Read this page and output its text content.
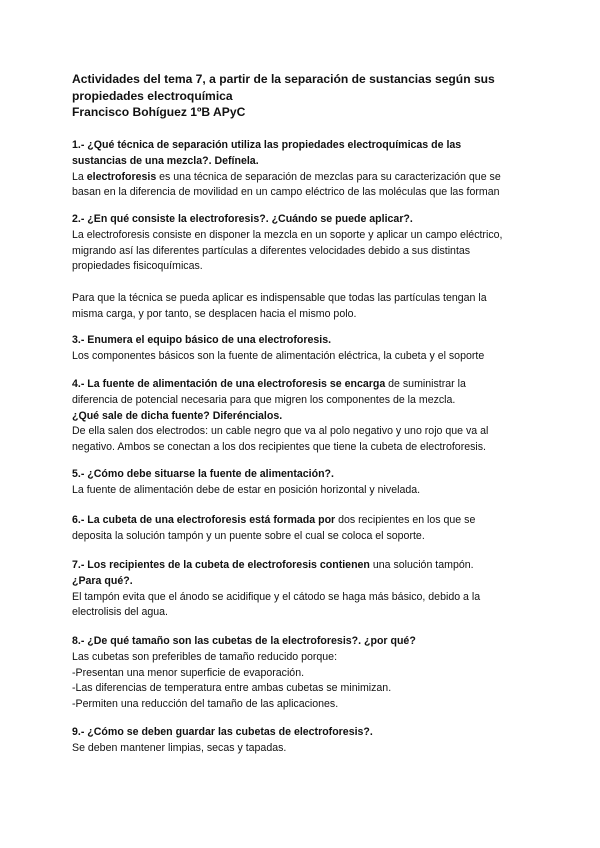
Actividades del tema 7, a partir de la separación de sustancias según sus
propiedades electroquímica
Francisco Bohíguez 1ºB APyC
1.- ¿Qué técnica de separación utiliza las propiedades electroquímicas de las
sustancias de una mezcla?. Defínela.
La electroforesis es una técnica de separación de mezclas para su caracterización que se
basan en la diferencia de movilidad en un campo eléctrico de las moléculas que las forman
2.- ¿En qué consiste la electroforesis?. ¿Cuándo se puede aplicar?.
La electroforesis consiste en disponer la mezcla en un soporte y aplicar un campo eléctrico,
migrando así las diferentes partículas a diferentes velocidades debido a sus distintas
propiedades fisicoquímicas.
Para que la técnica se pueda aplicar es indispensable que todas las partículas tengan la
misma carga, y por tanto, se desplacen hacia el mismo polo.
3.- Enumera el equipo básico de una electroforesis.
Los componentes básicos son la fuente de alimentación eléctrica, la cubeta y el soporte
4.- La fuente de alimentación de una electroforesis se encarga de suministrar la
diferencia de potencial necesaria para que migren los componentes de la mezcla.
¿Qué sale de dicha fuente? Diferéncialos.
De ella salen dos electrodos: un cable negro que va al polo negativo y uno rojo que va al
negativo. Ambos se conectan a los dos recipientes que tiene la cubeta de electroforesis.
5.- ¿Cómo debe situarse la fuente de alimentación?.
La fuente de alimentación debe de estar en posición horizontal y nivelada.
6.- La cubeta de una electroforesis está formada por dos recipientes en los que se
deposita la solución tampón y un puente sobre el cual se coloca el soporte.
7.- Los recipientes de la cubeta de electroforesis contienen una solución tampón.
¿Para qué?.
El tampón evita que el ánodo se acidifique y el cátodo se haga más básico, debido a la
electrolisis del agua.
8.- ¿De qué tamaño son las cubetas de la electroforesis?. ¿por qué?
Las cubetas son preferibles de tamaño reducido porque:
-Presentan una menor superficie de evaporación.
-Las diferencias de temperatura entre ambas cubetas se minimizan.
-Permiten una reducción del tamaño de las aplicaciones.
9.- ¿Cómo se deben guardar las cubetas de electroforesis?.
Se deben mantener limpias, secas y tapadas.
